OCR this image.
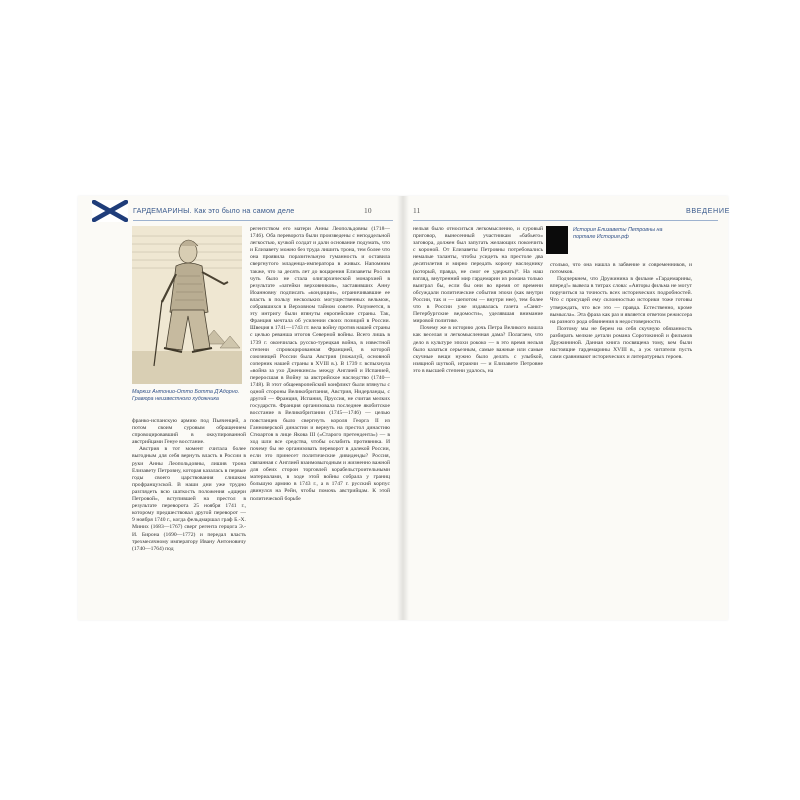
ГАРДЕМАРИНЫ. Как это было на самом деле	10
Маркиз Антонио-Отто Ботта Д'Адорно. Гравюра неизвестного художника

франко-испанскую армию под Пьяченцей, а потом своим суровым обращением спровоцировавший в оккупированной австрийцами Генуе восстание.

Австрия в тот момент считала более выгодным для себя вернуть власть в России в руки Анны Леопольдовны, лишив трона Елизавету Петровну, которая казалась в первые годы своего царствования слишком профранцузской. В наши дни уже трудно разглядеть всю шаткость положения «дщери Петровой», вступившей на престол в результате переворота 25 ноября 1741 г., которому предшествовал другой переворот — 9 ноября 1740 г., когда фельдмаршал граф Б.-Х. Миних (1683—1767) сверг регента герцога Э.-И. Бирона (1690—1772) и передал власть трехмесячному императору Ивану Антоновичу (1740—1764) под

регентством его матери Анны Леопольдовны (1718—1746). Оба переворота были произведены с неподдельной легкостью, кучкой солдат и дали основание подумать, что и Елизавету можно без труда лишить трона, тем более что она проявила поразительную гуманность и оставила свергнутого младенца-императора в живых. Напомним также, что за десять лет до воцарения Елизаветы Россия чуть было не стала олигархической монархией в результате «затейки верховников», заставивших Анну Иоанновну подписать «кондиции», ограничивавшие ее власть в пользу нескольких могущественных вельмож, собравшихся в Верховном тайном совете. Разумеется, в эту интригу были втянуты европейские страны. Так, Франция мечтала об усилении своих позиций в России. Швеция в 1741—1743 гг. вела войну против нашей страны с целью реванша итогов Северной войны. Всего лишь в 1739 г. окончилась русско-турецкая война, в известной степени спровоцированная Францией, в которой союзницей России была Австрия (пожалуй, основной соперник нашей страны в XVIII в.). В 1739 г. вспыхнула «война за ухо Дженкинса» между Англией и Испанией, переросшая в Войну за австрийское наследство (1740—1748). В этот общеевропейский конфликт были втянуты с одной стороны Великобритания, Австрия, Нидерланды, с другой — Франция, Испания, Пруссия, не считая мелких государств. Франция организовала последнее якобитское восстание в Великобритании (1745—1746) — целью повстанцев было свергнуть короля Георга II из Ганноверской династии и вернуть на престол династию Стюартов в лице Якова III («Старого претендента») — в ход шли все средства, чтобы ослабить противника. И почему бы не организовать переворот в далекой России, если это принесет политические дивиденды? Россия, связанная с Англией взаимовыгодным и жизненно важной для обеих сторон торговлей корабельстроительными материалами, в ходе этой войны собрала у границ большую армию в 1743 г., а в 1747 г. русский корпус двинулся на Рейн, чтобы помочь австрийцам. К этой политической борьбе

11	ВВЕДЕНИЕ

нельзя было относиться легкомысленно, и суровый приговор, вынесенный участникам «бабьего» заговора, должен был запугать желающих покончить с короной. От Елизаветы Петровны потребовались немалые таланты, чтобы усидеть на престоле два десятилетия и мирно передать корону наследнику (который, правда, не смог ее удержать)⁹. На наш взгляд, внутренний мир гардемарин из романа только выиграл бы, если бы они во время от времени обсуждали политические события эпохи (как внутри России, так и — шепотом — внутри нее), тем более что в России уже издавалась газета «Санкт-Петербургские ведомости», уделявшая внимание мировой политике.

Почему же в историю дочь Петра Великого вошла как веселая и легкомысленная дама? Полагаем, что дело в культуре эпохи рококо — в это время нельзя было казаться серьезным, самые важные или самые скучные вещи нужно было делать с улыбкой, изящной шуткой, играючи — и Елизавете Петровне это в высшей степени удалось, на

История Елизаветы Петровны на портале История.рф

столько, что она нашла в забвение и современников, и потомков.

Подчеркнем, что Дружинина в фильме «Гардемарины, вперед!» вывела в титрах слова: «Авторы фильма не могут поручиться за точность всех исторических подробностей. Что с присущей ему склонностью историки тоже готовы утверждать, что все это — правда. Естественно, кроме вымысла». Эта фраза как раз и является ответом режиссера на разного рода обвинения в недостоверности.

Поэтому мы не берем на себя скучную обязанность разбирать мелкие детали романа Соротокиной и фильмов Дружининой. Данная книга посвящена тому, кем были настоящие гардемарины XVIII в., а уж читатели пусть сами сравнивают исторических и литературных героев.
